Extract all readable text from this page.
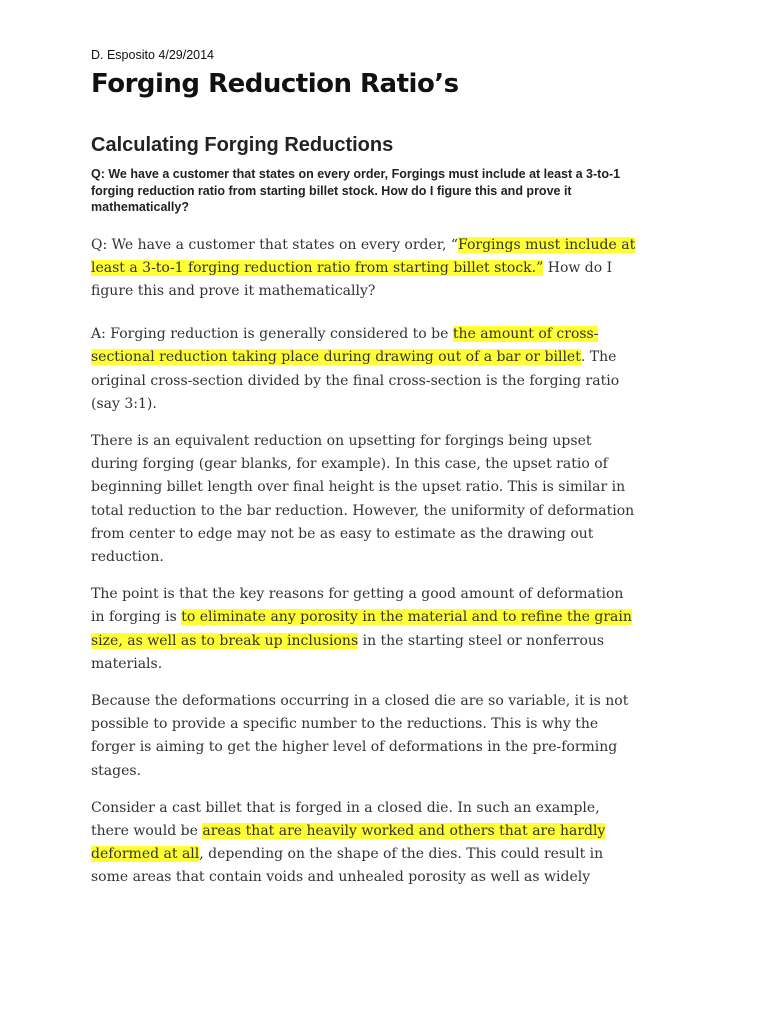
D. Esposito 4/29/2014

Forging Reduction Ratio’s
Calculating Forging Reductions

Q: We have a customer that states on every order, Forgings must include at least a 3-to-1 forging reduction ratio from starting billet stock. How do I figure this and prove it mathematically?

Q: We have a customer that states on every order, “Forgings must include at least a 3-to-1 forging reduction ratio from starting billet stock.” How do I figure this and prove it mathematically?

A: Forging reduction is generally considered to be the amount of cross-sectional reduction taking place during drawing out of a bar or billet. The original cross-section divided by the final cross-section is the forging ratio (say 3:1).

There is an equivalent reduction on upsetting for forgings being upset during forging (gear blanks, for example). In this case, the upset ratio of beginning billet length over final height is the upset ratio. This is similar in total reduction to the bar reduction. However, the uniformity of deformation from center to edge may not be as easy to estimate as the drawing out reduction.

The point is that the key reasons for getting a good amount of deformation in forging is to eliminate any porosity in the material and to refine the grain size, as well as to break up inclusions in the starting steel or nonferrous materials.

Because the deformations occurring in a closed die are so variable, it is not possible to provide a specific number to the reductions. This is why the forger is aiming to get the higher level of deformations in the pre-forming stages.

Consider a cast billet that is forged in a closed die. In such an example, there would be areas that are heavily worked and others that are hardly deformed at all, depending on the shape of the dies. This could result in some areas that contain voids and unhealed porosity as well as widely
